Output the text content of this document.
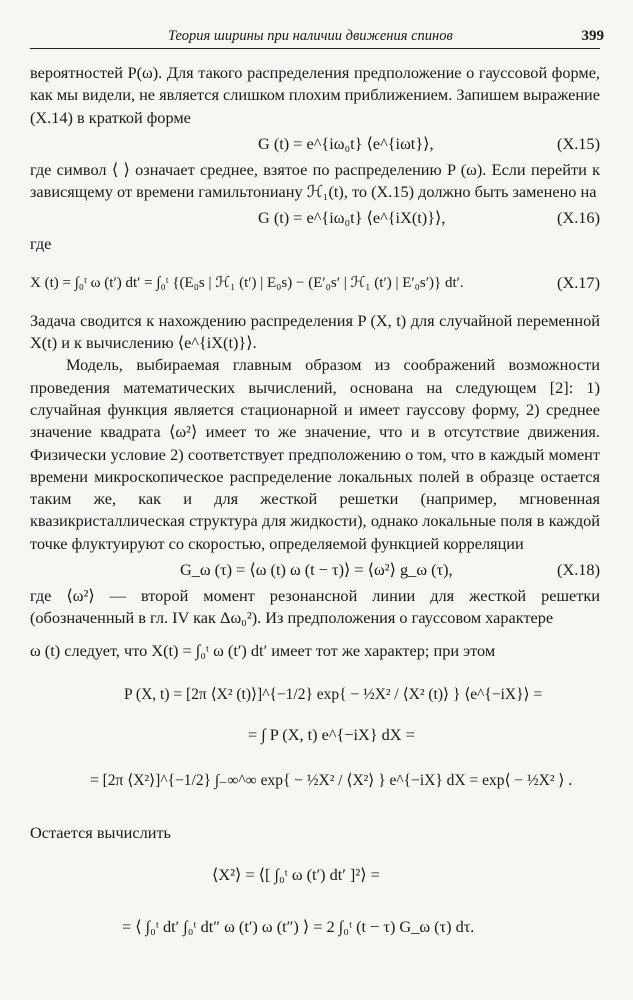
Теория ширины при наличии движения спинов	399

вероятностей P(ω). Для такого распределения предположение о гауссовой форме, как мы видели, не является слишком плохим приближением. Запишем выражение (X.14) в краткой форме

G (t) = e^{iω₀t} ⟨e^{iωt}⟩,	(X.15)

где символ ⟨ ⟩ означает среднее, взятое по распределению P (ω). Если перейти к зависящему от времени гамильтониану ℋ₁(t), то (X.15) должно быть заменено на

G (t) = e^{iω₀t} ⟨e^{iX(t)}⟩,	(X.16)

где

X (t) = ∫₀ᵗ ω (t′) dt′ = ∫₀ᵗ {(E₀s | ℋ₁ (t′) | E₀s) − (E′₀s′ | ℋ₁ (t′) | E′₀s′)} dt′.	(X.17)

Задача сводится к нахождению распределения P (X, t) для случайной переменной X(t) и к вычислению ⟨e^{iX(t)}⟩.

Модель, выбираемая главным образом из соображений возможности проведения математических вычислений, основана на следующем [2]: 1) случайная функция является стационарной и имеет гауссову форму, 2) среднее значение квадрата ⟨ω²⟩ имеет то же значение, что и в отсутствие движения. Физически условие 2) соответствует предположению о том, что в каждый момент времени микроскопическое распределение локальных полей в образце остается таким же, как и для жесткой решетки (например, мгновенная квазикристаллическая структура для жидкости), однако локальные поля в каждой точке флуктуируют со скоростью, определяемой функцией корреляции

G_ω (τ) = ⟨ω (t) ω (t − τ)⟩ = ⟨ω²⟩ g_ω (τ),	(X.18)

где ⟨ω²⟩ — второй момент резонансной линии для жесткой решетки (обозначенный в гл. IV как Δω₀²). Из предположения о гауссовом характере

ω (t) следует, что X(t) = ∫₀ᵗ ω (t′) dt′ имеет тот же характер; при этом
P (X, t) = [2π ⟨X² (t)⟩]^{−1/2} exp{ − ½X² / ⟨X² (t)⟩ } ⟨e^{−iX}⟩ =
= ∫ P (X, t) e^{−iX} dX =
= [2π ⟨X²⟩]^{−1/2} ∫₋∞^∞ exp{ − ½X² / ⟨X²⟩ } e^{−iX} dX = exp⟨ − ½X² ⟩ .

Остается вычислить

⟨X²⟩ = ⟨[ ∫₀ᵗ ω (t′) dt′ ]²⟩ =
= ⟨ ∫₀ᵗ dt′ ∫₀ᵗ dt″ ω (t′) ω (t″) ⟩ = 2 ∫₀ᵗ (t − τ) G_ω (τ) dτ.
